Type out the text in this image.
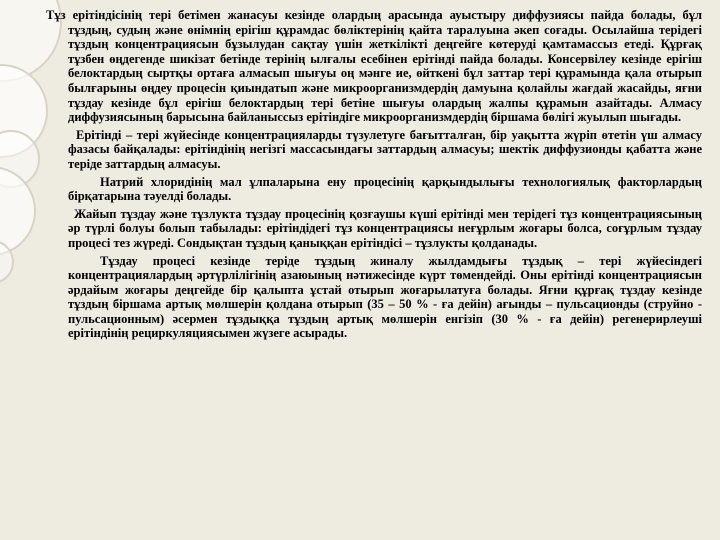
Тұз ерітіндісінің тері бетімен жанасуы кезінде олардың арасында ауыстыру диффузиясы пайда болады, бұл тұздың, судың және өнімнің ерігіш құрамдас бөліктерінің қайта таралуына әкеп соғады. Осылайша терідегі тұздың концентрациясын бұзылудан сақтау үшін жеткілікті деңгейге көтеруді қамтамассыз етеді. Құрғақ тұзбен өңдегенде шикізат бетінде терінің ылғалы есебінен ерітінді пайда болады. Консервілеу кезінде ерігіш белоктардың сыртқы ортаға алмасып шығуы оң мәнге ие, өйткені бұл заттар тері құрамында қала отырып былғарыны өңдеу процесін қиындатып және микроорганизмдердің дамуына қолайлы жағдай жасайды, яғни тұздау кезінде бұл ерігіш белоктардың тері бетіне шығуы олардың жалпы құрамын азайтады. Алмасу диффузиясының барысына байланыссыз ерітіндіге микроорганизмдердің біршама бөлігі жуылып шығады.

Ерітінді – тері жүйесінде концентрацияларды түзулетуге бағытталған, бір уақытта жүріп өтетін үш алмасу фазасы байқалады: ерітіндінің негізгі массасындағы заттардың алмасуы; шектік диффузионды қабатта және теріде заттардың алмасуы.

Натрий хлоридінің мал ұлпаларына ену процесінің қарқындылығы технологиялық факторлардың бірқатарына тәуелді болады.

Жайып тұздау және тұзлукта тұздау процесінің қозғаушы күші ерітінді мен терідегі тұз концентрациясының әр түрлі болуы болып табылады: ерітіндідегі тұз концентрациясы неғұрлым жоғары болса, соғұрлым тұздау процесі тез жүреді. Сондықтан тұздың қаныққан ерітіндісі – тұзлукты қолданады.

Тұздау процесі кезінде теріде тұздың жиналу жылдамдығы тұздық – тері жүйесіндегі концентрациялардың әртүрлілігінің азаюының нәтижесінде күрт төмендейді. Оны ерітінді концентрациясын әрдайым жоғары деңгейде бір қалыпта ұстай отырып жоғарылатуға болады. Яғни құрғақ тұздау кезінде тұздың біршама артық мөлшерін қолдана отырып (35 – 50 % - ға дейін) ағынды – пульсационды (струйно - пульсационным) әсермен тұздыққа тұздың артық мөлшерін енгізіп (30 % - ға дейін) регенерирлеуші ерітіндінің рециркуляциясымен жүзеге асырады.
